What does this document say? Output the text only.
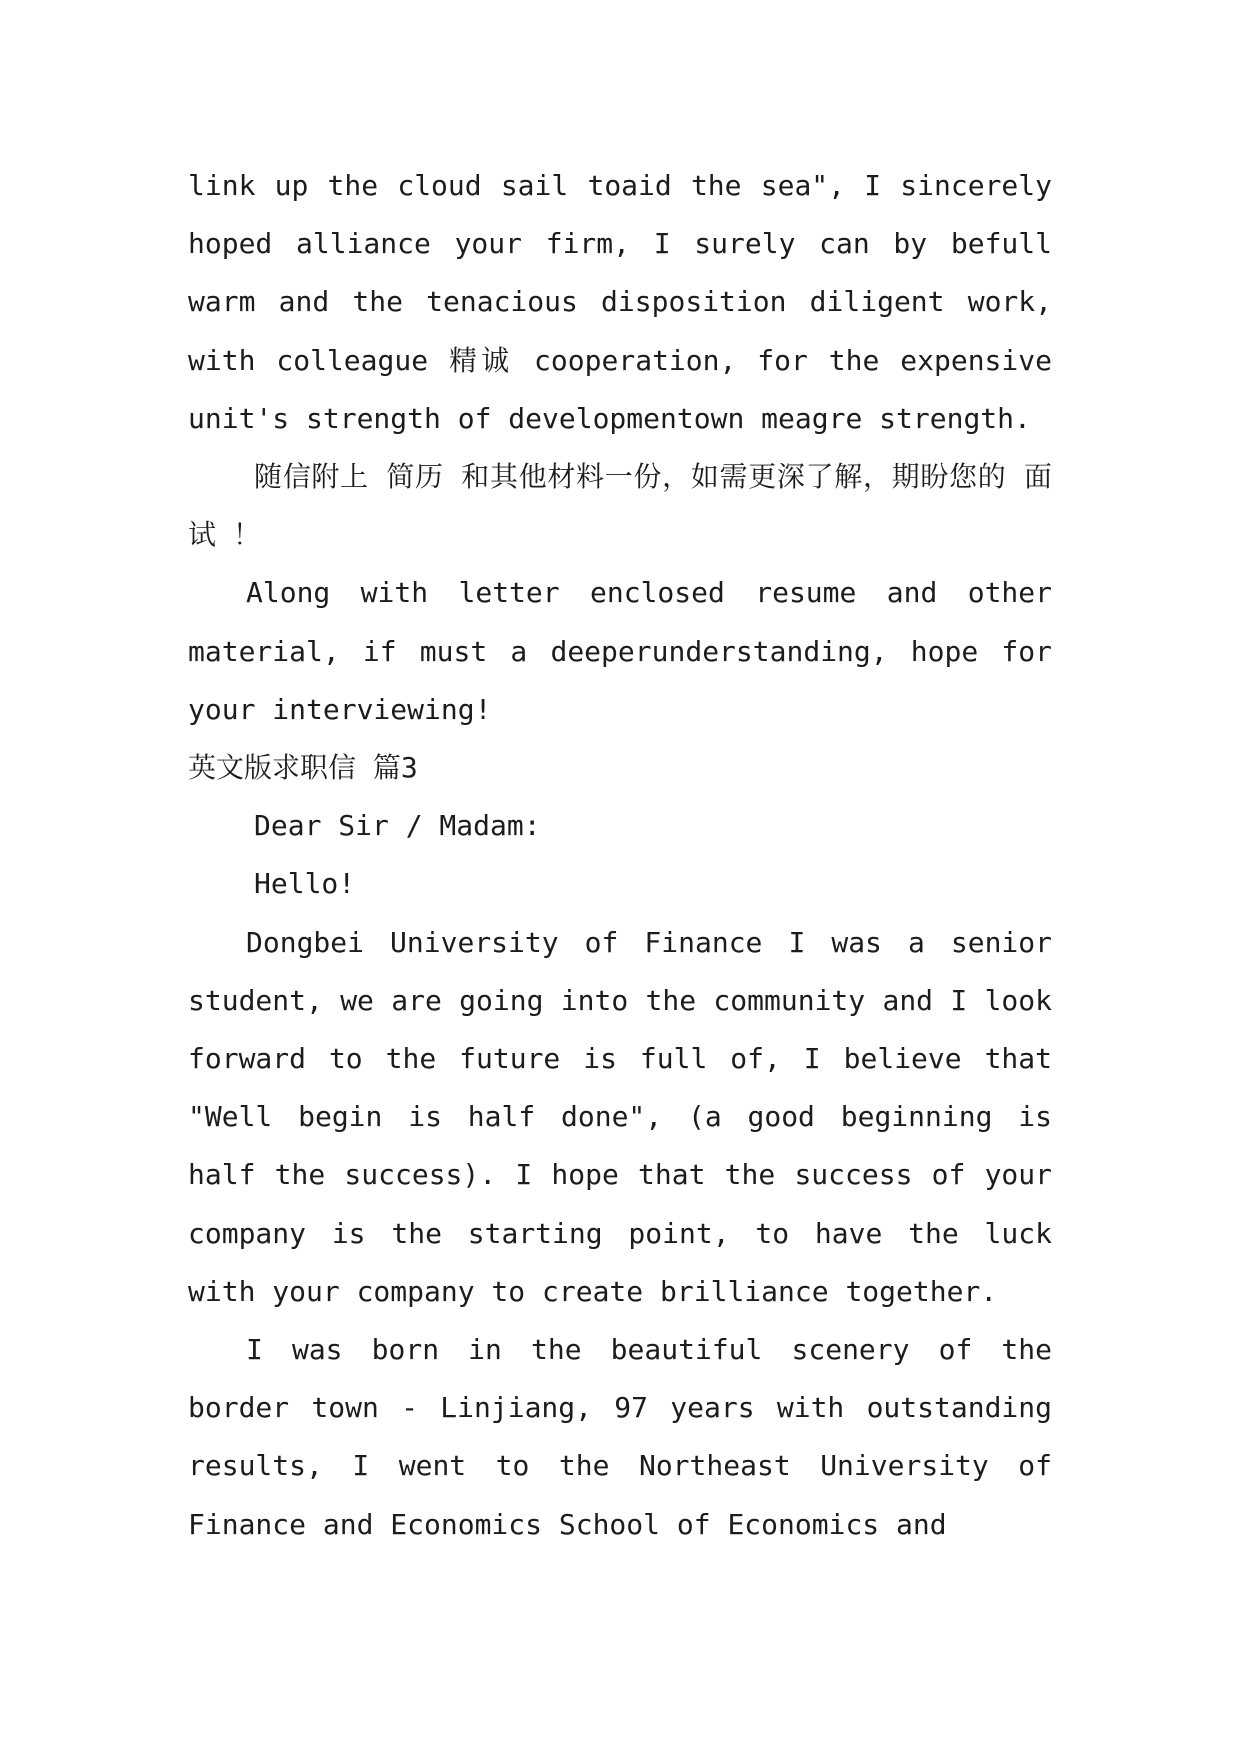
link up the cloud sail toaid the sea", I sincerely hoped alliance your firm, I surely can by befull warm and the tenacious disposition diligent work, with colleague 精诚 cooperation, for the expensive unit's strength of developmentown meagre strength.

随信附上 简历 和其他材料一份，如需更深了解，期盼您的 面试 ！

Along with letter enclosed resume and other material, if must a deeperunderstanding, hope for your interviewing!

英文版求职信 篇3

Dear Sir / Madam:

Hello!

Dongbei University of Finance I was a senior student, we are going into the community and I look forward to the future is full of, I believe that "Well begin is half done", (a good beginning is half the success). I hope that the success of your company is the starting point, to have the luck with your company to create brilliance together.

I was born in the beautiful scenery of the border town - Linjiang, 97 years with outstanding results, I went to the Northeast University of Finance and Economics School of Economics and
